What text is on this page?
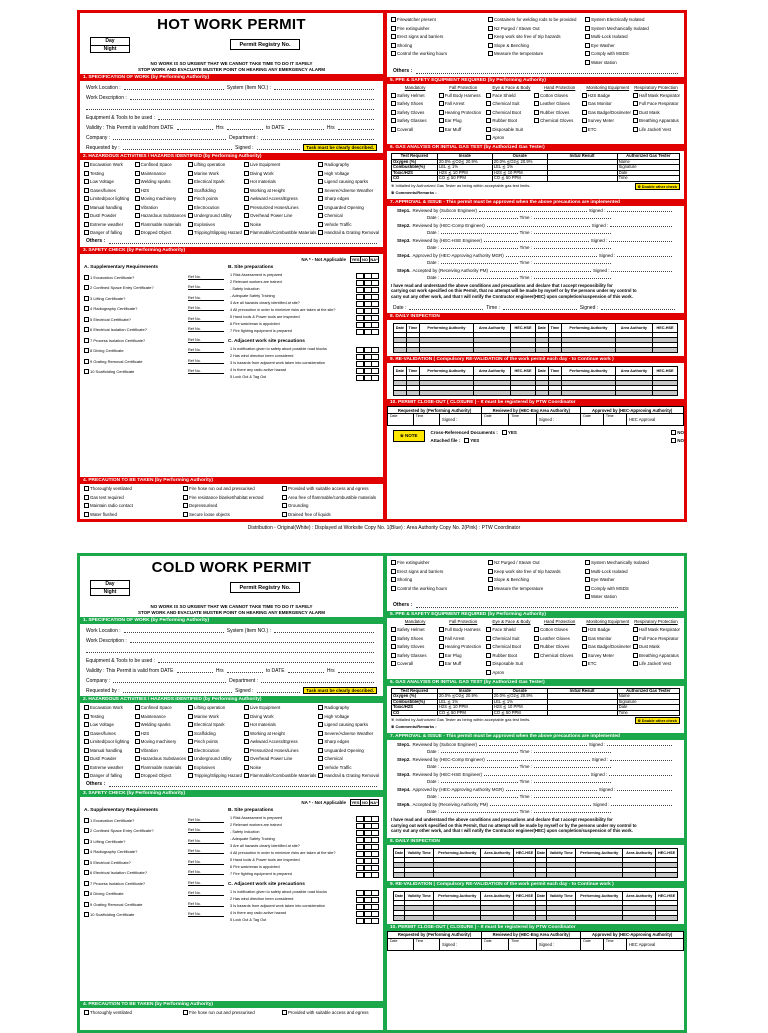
HOT WORK PERMIT
Day
Night
Permit Registry No.
NO WORK IS SO URGENT THAT WE CANNOT TAKE TIME TO DO IT SAFELY
STOP WORK AND EVACUATE MUSTER POINT ON HEARING ANY EMERGENCY ALARM
1. SPECIFICATION OF WORK (by Performing Authority)
Work Location :	System (Item NO.) :
Work Description :
Equipment & Tools to be used :
Validity : This Permit is valid from DATE	Hrs	to DATE	Hrs
Company :	Department :
Requested by :	Signed :	Task must be clearly described.
2. HAZARDOUS ACTIVITIES / HAZARDS IDENTIFIED (by Performing Authority)
Excavation Work	Confined Space	Lifting operation	Live Equipment	Radiography
Testing	Maintenance	Marine Work	Diving Work	High Voltage
Low Voltage	Welding sparks	Electrical Spark	Hot materials	Ligend causing sparks
Gases/fumes	H2S	Scaffolding	Working at Height	Severe/Adverse Weather
Limited/poor lighting	Moving machinery	Pinch points	Awkward Access/Egress	Sharp edges
Manual handling	Vibration	Electrocution	Pressurized Hoses/Lines	Unguarded Opening
Dust/ Powder	Hazardous Substances Underground Utility	Overhead Power Line	Chemical
Extreme weather	Flammable materials	Explosives	Noise	Vehicle Traffic
Danger of falling	Dropped Object	Tripping/Slipping Hazard Flammable/Combustible Materials Handrail & Grating Removal
Others :
3. SAFETY CHECK (by Performing Authority)
NA * - Not Applicable YES NO NA*
A. Supplementary Requirements
1 Excavation Certificate?	Ref No.
2 Confined Space Entry Certificate?	Ref No.
3 Lifting Certificate?	Ref No.
4 Radiography Certificate?	Ref No.
5 Electrical Certificate?	Ref No.
6 Electrical Isolation Certificate?	Ref No.
7 Process Isolation Certificate?	Ref No.
8 Diving Certificate	Ref No.
9 Grating Removal Certificate	Ref No.
10 Scaffolding Certificate	Ref No.
B. Site preparations
1 Risk Assessment is prepared
2 Relevant workers are trained
- Safety Induction
- Adequate Safety Training
3 Are all hazards clearly identified at site?
4 All precaution in order to minimize risks are taken at the site?
5 Hand tools & Power tools are inspected
6 Fire watchman is appointed
7 Fire fighting equipment is prepared
C. Adjacent work site precautions
1 Is notification given to safety about possible road blocks
2 Has wind direction been considered
3 Is hazards from adjacent work taken into consideration
4 Is there any radio active hazard
5 Lock Out & Tag Out
4. PRECAUTION TO BE TAKEN (by Performing Authority)
Thoroughly ventilated	Fire hose run out and pressurised	Provided with suitable access and egress
Gas test required	Fire resistance blanket/habitat erected	Area free of flammable/combustible materials
Maintain radio contact	Depressurised	Grounding
Water flushed	Secure loose objects	Drained free of liquids
Firewatcher present	Containers for welding rods to be provided	System Electrically Isolated
Fire extinguisher	N2 Purged / Steam Out	System Mechanically Isolated
Erect signs and barriers	Keep work site free of trip hazards	Multi-Lock Isolated
Shoring	Slope & Benching	Eye Washer
Control the working hours	Measure the temperature	Comply with MSDS
Water station
Others :
5. PPE & SAFETY EQUIPMENT REQUIRED (by Performing Authority)
Mandatory	Fall Protection	Eye & Face & Body	Hand Protection	Monitoring Equipment	Respiratory Protection
Safety Helmet	Full Body Harness	Face Shield	Cotton Gloves	H2S Badge	Half Mask Respirator
Safety Shoes	Fall Arrest	Chemical Suit	Leather Gloves	Gas Monitor	Full Face Respirator
Safety Gloves	Hearing Protection	Chemical Boot	Rubber Gloves	Gas Badge/Dosimeter Dust Mask
Safety Glasses	Ear Plug	Rubber Boot	Chemical Gloves	Survey Meter	Breathing Apparatus
Coverall	Ear Muff	Disposable Suit	ETC	Life Jacket/ Vest
Apron
6. GAS ANALYSIS OR INITIAL GAS TEST (by Authorized Gas Tester)
Test Required	Inside	Ouside	Initial Result	Authorized Gas Tester
Oxygen (%)	20.0% ≦O2≦ 20.9%	20.0% ≦O2≦ 20.9%		Name
Combustible(%)	LEL ≦ 1%	LEL ≦ 1%		Signature
Toxic/H2S	H2S ≦ 10 PPM	H2S ≦ 10 PPM		Date
CO	CO ≦ 50 PPM	CO ≦ 50 PPM		Time
※ Initialled by Authorized Gas Tester as being within acceptable gas test limits.	※ Double other check
※ Comments/Remarks :
7. APPROVAL & ISSUE - This permit must be approved when the above precautions are implemented
Step1. Reviewed by (Subcon Engineer)	Signed :
Date :	Time :
Step2. Reviewed by (HEC-Comp Engineer)	Signed :
Date :	Time :
Step3. Reviewed by (HEC-HSE Engineer)	Signed :
Date :	Time :
Step4. Approved by (HEC-Approving Authority MGR)	Signed :
Date :	Time :
Step5. Accepted by (Receiving Authority PM)	Signed :
Date :	Time :
I have read and understand the above conditions and precautions and declare that I accept responsibility for
carrying out work specified on this Permit, that no attempt will be made by myself or by the persons under my control to
carry out any other work, and that I will notify the Contractor engineer(HEC) upon completion/suspension of this work.
Date :	Time :	Signed :
8. DAILY INSPECTION
Date	Time	Performing Authority	Area Authority	HEC-HSE	Date	Time	Performing Authority	Area Authority	HEC-HSE

9. RE-VALIDATION ( Compulsory RE-VALIDATION of the work permit each day - to Continue work )
Date	Time	Performing Authority	Area Authority	HEC-HSE	Date	Time	Performing Authority	Area Authority	HEC-HSE

10. PERMIT CLOSE-OUT ( CLOSURE ) - It must be registered by PTW Coordinator
Requested by (Performing Authority)			Reviewed by (HEC-Eng Area Authority)			Approved by (HEC-Approving Authority)		
Date	Time	Signed :	Date	Time	Signed :	Date	Time	HEC Approval
※ NOTE
Cross-Referenced Documents : YES	NO
Attached file : YES	NO
Distribution - Original(White) : Displayed at Worksite Copy No. 1(Blue) : Area Authority Copy No. 2(Pink) : PTW Coordinator
COLD WORK PERMIT
Day
Night
Permit Registry No.
NO WORK IS SO URGENT THAT WE CANNOT TAKE TIME TO DO IT SAFELY
STOP WORK AND EVACUATE MUSTER POINT ON HEARING ANY EMERGENCY ALARM
1. SPECIFICATION OF WORK (by Performing Authority)
Work Location :	System (Item NO.) :
Work Description :
Equipment & Tools to be used :
Validity : This Permit is valid from DATE	Hrs	to DATE	Hrs
Company :	Department :
Requested by :	Signed :	Task must be clearly described.
2. HAZARDOUS ACTIVITIES / HAZARDS IDENTIFIED (by Performing Authority)
Excavation Work	Confined Space	Lifting operation	Live Equipment	Radiography
Testing	Maintenance	Marine Work	Diving Work	High Voltage
Low Voltage	Welding sparks	Electrical Spark	Hot materials	Ligend causing sparks
Gases/fumes	H2S	Scaffolding	Working at Height	Severe/Adverse Weather
Limited/poor lighting	Moving machinery	Pinch points	Awkward Access/Egress	Sharp edges
Manual handling	Vibration	Electrocution	Pressurized Hoses/Lines	Unguarded Opening
Dust/ Powder	Hazardous Substances Underground Utility	Overhead Power Line	Chemical
Extreme weather	Flammable materials	Explosives	Noise	Vehicle Traffic
Danger of falling	Dropped Object	Tripping/Slipping Hazard Flammable/Combustible Materials Handrail & Grating Removal
Others :
3. SAFETY CHECK (by Performing Authority)
NA * - Not Applicable YES NO NA*
A. Supplementary Requirements
1 Excavation Certificate?	Ref No.
2 Confined Space Entry Certificate?	Ref No.
3 Lifting Certificate?	Ref No.
4 Radiography Certificate?	Ref No.
5 Electrical Certificate?	Ref No.
6 Electrical Isolation Certificate?	Ref No.
7 Process Isolation Certificate?	Ref No.
8 Diving Certificate	Ref No.
9 Grating Removal Certificate	Ref No.
10 Scaffolding Certificate	Ref No.
B. Site preparations
1 Risk Assessment is prepared
2 Relevant workers are trained
- Safety Induction
- Adequate Safety Training
3 Are all hazards clearly identified at site?
4 All precaution in order to minimize risks are taken at the site?
5 Hand tools & Power tools are inspected
6 Fire watchman is appointed
7 Fire fighting equipment is prepared
C. Adjacent work site precautions
1 Is notification given to safety about possible road blocks
2 Has wind direction been considered
3 Is hazards from adjacent work taken into consideration
4 Is there any radio active hazard
5 Lock Out & Tag Out
4. PRECAUTION TO BE TAKEN (by Performing Authority)
Thoroughly ventilated	Fire hose run out and pressurised	Provided with suitable access and egress
Fire extinguisher	N2 Purged / Steam Out	System Mechanically Isolated
Erect signs and barriers	Keep work site free of trip hazards	Multi-Lock Isolated
Shoring	Slope & Benching	Eye Washer
Control the working hours	Measure the temperature	Comply with MSDS
Water station
Others :
5. PPE & SAFETY EQUIPMENT REQUIRED (by Performing Authority)
Mandatory	Fall Protection	Eye & Face & Body	Hand Protection	Monitoring Equipment	Respiratory Protection
Safety Helmet	Full Body Harness	Face Shield	Cotton Gloves	H2S Badge	Half Mask Respirator
Safety Shoes	Fall Arrest	Chemical Suit	Leather Gloves	Gas Monitor	Full Face Respirator
Safety Gloves	Hearing Protection	Chemical Boot	Rubber Gloves	Gas Badge/Dosimeter Dust Mask
Safety Glasses	Ear Plug	Rubber Boot	Chemical Gloves	Survey Meter	Breathing Apparatus
Coverall	Ear Muff	Disposable Suit	ETC	Life Jacket/ Vest
Apron
6. GAS ANALYSIS OR INITIAL GAS TEST (by Authorized Gas Tester)
Test Required	Inside	Ouside	Initial Result	Authorized Gas Tester
Oxygen (%)	20.0% ≦O2≦ 20.9%	20.0% ≦O2≦ 20.9%		Name
Combustible(%)	LEL ≦ 1%	LEL ≦ 1%		Signature
Toxic/H2S	H2S ≦ 10 PPM	H2S ≦ 10 PPM		Date
CO	CO ≦ 50 PPM	CO ≦ 50 PPM		Time
※ Initialled by Authorized Gas Tester as being within acceptable gas test limits.	※ Double other check
※ Comments/Remarks :
7. APPROVAL & ISSUE - This permit must be approved when the above precautions are implemented
Step1. Reviewed by (Subcon Engineer)	Signed :
Date :	Time :
Step2. Reviewed by (HEC-Comp Engineer)	Signed :
Date :	Time :
Step3. Reviewed by (HEC-HSE Engineer)	Signed :
Date :	Time :
Step4. Approved by (HEC-Approving Authority MGR)	Signed :
Date :	Time :
Step5. Accepted by (Receiving Authority PM)	Signed :
Date :	Time :
I have read and understand the above conditions and precautions and declare that I accept responsibility for
carrying out work specified on this Permit, that no attempt will be made by myself or by the persons under my control to
carry out any other work, and that I will notify the Contractor engineer(HEC) upon completion/suspension of this work.
8. DAILY INSPECTION
Date	Validity Time	Performing Authority	Area Authority	HEC-HSE	Date	Validity Time	Performing Authority	Area Authority	HEC-HSE

9. RE-VALIDATION ( Compulsory RE-VALIDATION of the work permit each day - to Continue work )
Date	Validity Time	Performing Authority	Area Authority	HEC-HSE	Date	Validity Time	Performing Authority	Area Authority	HEC-HSE

10. PERMIT CLOSE-OUT ( CLOSURE ) - It must be registered by PTW Coordinator
Requested by (Performing Authority)			Reviewed by (HEC-Eng Area Authority)			Approved by (HEC-Approving Authority)		
Date	Time	Signed :	Date	Time	Signed :	Date	Time	HEC Approval
